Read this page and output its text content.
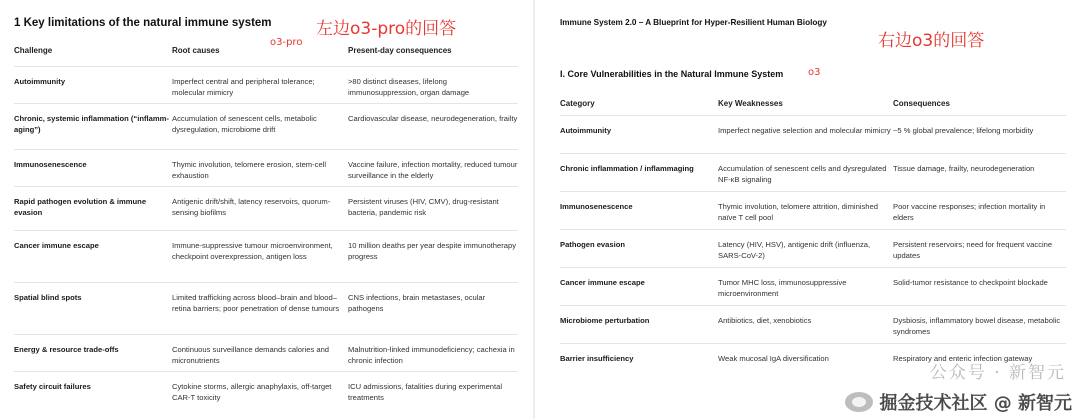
1 Key limitations of the natural immune system	左边o3-pro的回答
o3-pro
Challenge	Root causes	Present-day consequences
Autoimmunity	Imperfect central and peripheral tolerance; molecular mimicry	>80 distinct diseases, lifelong immunosuppression, organ damage
Chronic, systemic inflammation (“inflamm-aging”)	Accumulation of senescent cells, metabolic dysregulation, microbiome drift	Cardiovascular disease, neurodegeneration, frailty
Immunosenescence	Thymic involution, telomere erosion, stem-cell exhaustion	Vaccine failure, infection mortality, reduced tumour surveillance in the elderly
Rapid pathogen evolution & immune evasion	Antigenic drift/shift, latency reservoirs, quorum-sensing biofilms	Persistent viruses (HIV, CMV), drug-resistant bacteria, pandemic risk
Cancer immune escape	Immune-suppressive tumour microenvironment, checkpoint overexpression, antigen loss	10 million deaths per year despite immunotherapy progress
Spatial blind spots	Limited trafficking across blood–brain and blood–retina barriers; poor penetration of dense tumours	CNS infections, brain metastases, ocular pathogens
Energy & resource trade-offs	Continuous surveillance demands calories and micronutrients	Malnutrition-linked immunodeficiency; cachexia in chronic infection
Safety circuit failures	Cytokine storms, allergic anaphylaxis, off-target CAR-T toxicity	ICU admissions, fatalities during experimental treatments
Immune System 2.0 – A Blueprint for Hyper-Resilient Human Biology
右边o3的回答
I. Core Vulnerabilities in the Natural Immune System o3
Category	Key Weaknesses	Consequences
Autoimmunity	Imperfect negative selection and molecular mimicry	~5 % global prevalence; lifelong morbidity
Chronic inflammation / inflammaging	Accumulation of senescent cells and dysregulated NF-κB signaling	Tissue damage, frailty, neurodegeneration
Immunosenescence	Thymic involution, telomere attrition, diminished naïve T cell pool	Poor vaccine responses; infection mortality in elders
Pathogen evasion	Latency (HIV, HSV), antigenic drift (influenza, SARS-CoV-2)	Persistent reservoirs; need for frequent vaccine updates
Cancer immune escape	Tumor MHC loss, immunosuppressive microenvironment	Solid-tumor resistance to checkpoint blockade
Microbiome perturbation	Antibiotics, diet, xenobiotics	Dysbiosis, inflammatory bowel disease, metabolic syndromes
Barrier insufficiency	Weak mucosal IgA diversification	Respiratory and enteric infection gateway
公众号 · 新智元
掘金技术社区 @ 新智元
